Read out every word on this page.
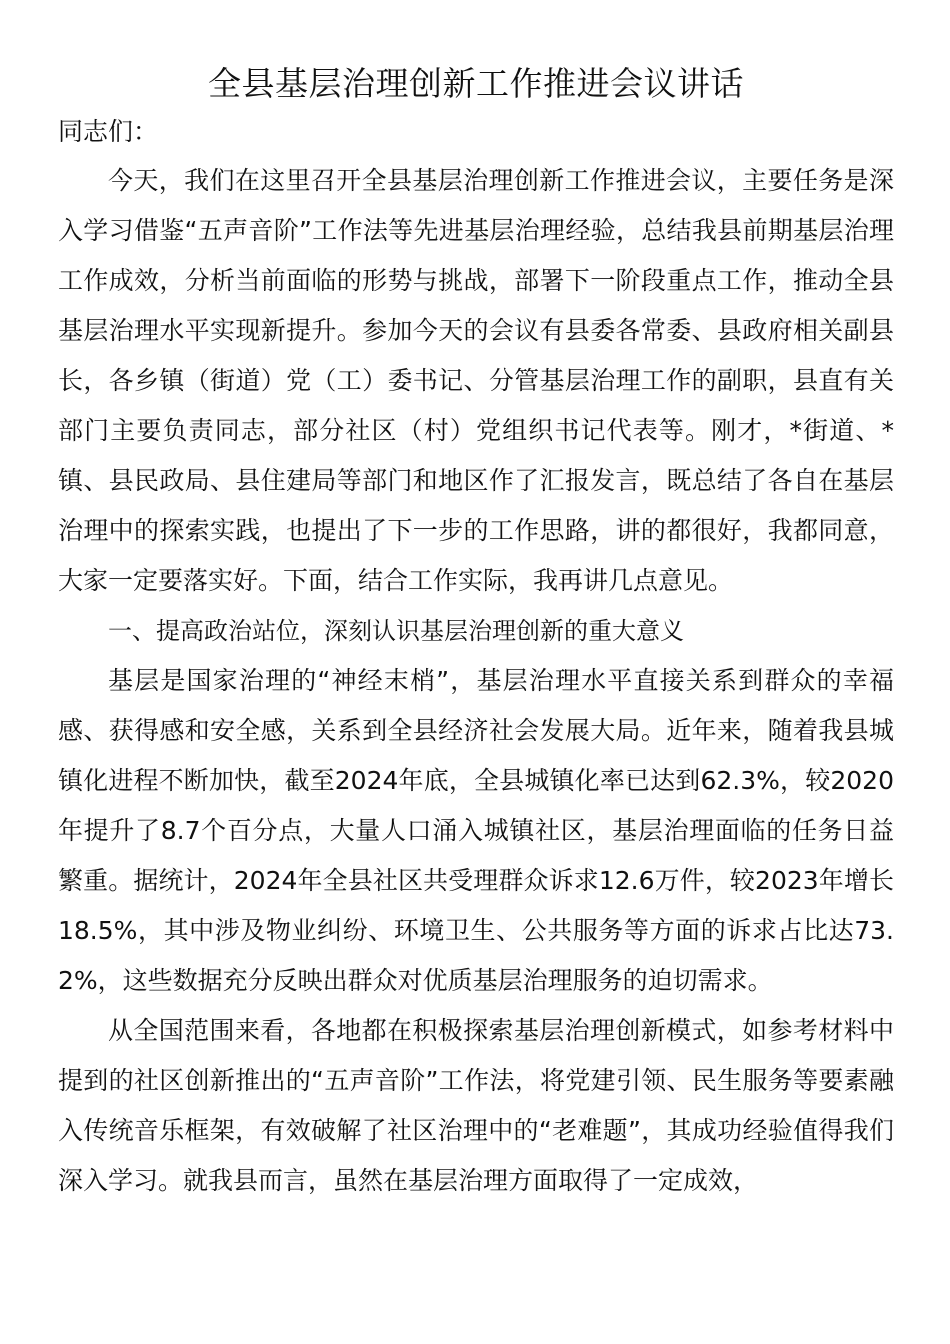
全县基层治理创新工作推进会议讲话

同志们：

今天，我们在这里召开全县基层治理创新工作推进会议，主要任务是深入学习借鉴“五声音阶”工作法等先进基层治理经验，总结我县前期基层治理工作成效，分析当前面临的形势与挑战，部署下一阶段重点工作，推动全县基层治理水平实现新提升。参加今天的会议有县委各常委、县政府相关副县长，各乡镇（街道）党（工）委书记、分管基层治理工作的副职，县直有关部门主要负责同志，部分社区（村）党组织书记代表等。刚才，*街道、*镇、县民政局、县住建局等部门和地区作了汇报发言，既总结了各自在基层治理中的探索实践，也提出了下一步的工作思路，讲的都很好，我都同意，大家一定要落实好。下面，结合工作实际，我再讲几点意见。

一、提高政治站位，深刻认识基层治理创新的重大意义

基层是国家治理的“神经末梢”，基层治理水平直接关系到群众的幸福感、获得感和安全感，关系到全县经济社会发展大局。近年来，随着我县城镇化进程不断加快，截至2024年底，全县城镇化率已达到62.3%，较2020年提升了8.7个百分点，大量人口涌入城镇社区，基层治理面临的任务日益繁重。据统计，2024年全县社区共受理群众诉求12.6万件，较2023年增长18.5%，其中涉及物业纠纷、环境卫生、公共服务等方面的诉求占比达73.2%，这些数据充分反映出群众对优质基层治理服务的迫切需求。

从全国范围来看，各地都在积极探索基层治理创新模式，如参考材料中提到的社区创新推出的“五声音阶”工作法，将党建引领、民生服务等要素融入传统音乐框架，有效破解了社区治理中的“老难题”，其成功经验值得我们深入学习。就我县而言，虽然在基层治理方面取得了一定成效，
